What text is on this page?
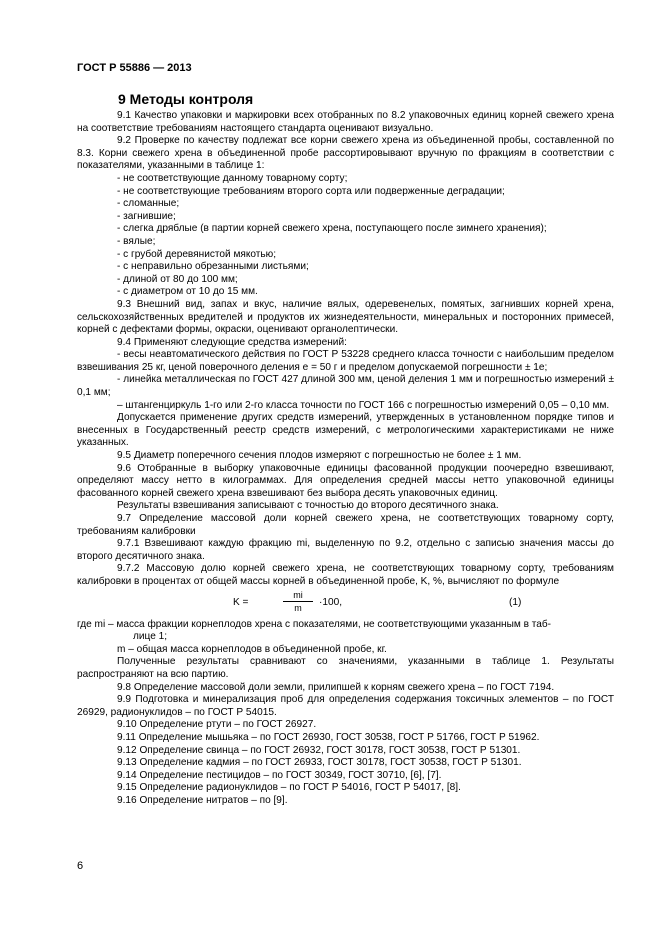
ГОСТ Р 55886 — 2013
9 Методы контроля

9.1 Качество упаковки и маркировки всех отобранных по 8.2 упаковочных единиц корней свежего хрена на соответствие требованиям настоящего стандарта оценивают визуально.

9.2 Проверке по качеству подлежат все корни свежего хрена из объединенной пробы, составленной по 8.3. Корни свежего хрена в объединенной пробе рассортировывают вручную по фракциям в соответствии с показателями, указанными в таблице 1:

- не соответствующие данному товарному сорту;

- не соответствующие требованиям второго сорта или подверженные деградации;

- сломанные;

- загнившие;

- слегка дряблые (в партии корней свежего хрена, поступающего после зимнего хранения);

- вялые;

- с грубой деревянистой мякотью;

- с неправильно обрезанными листьями;

- длиной от 80 до 100 мм;

- с диаметром от 10 до 15 мм.

9.3 Внешний вид, запах и вкус, наличие вялых, одеревенелых, помятых, загнивших корней хрена, сельскохозяйственных вредителей и продуктов их жизнедеятельности, минеральных и посторонних примесей, корней с дефектами формы, окраски, оценивают органолептически.

9.4 Применяют следующие средства измерений:

- весы неавтоматического действия по ГОСТ Р 53228 среднего класса точности с наибольшим пределом взвешивания 25 кг, ценой поверочного деления e = 50 г и пределом допускаемой погрешности ± 1e;

- линейка металлическая по ГОСТ 427 длиной 300 мм, ценой деления 1 мм и погрешностью измерений ± 0,1 мм;

– штангенциркуль 1-го или 2-го класса точности по ГОСТ 166 с погрешностью измерений 0,05 – 0,10 мм.

Допускается применение других средств измерений, утвержденных в установленном порядке типов и внесенных в Государственный реестр средств измерений, с метрологическими характеристиками не ниже указанных.

9.5 Диаметр поперечного сечения плодов измеряют с погрешностью не более ± 1 мм.

9.6 Отобранные в выборку упаковочные единицы фасованной продукции поочередно взвешивают, определяют массу нетто в килограммах. Для определения средней массы нетто упаковочной единицы фасованного корней свежего хрена взвешивают без выбора десять упаковочных единиц.

Результаты взвешивания записывают с точностью до второго десятичного знака.

9.7 Определение массовой доли корней свежего хрена, не соответствующих товарному сорту, требованиям калибровки

9.7.1 Взвешивают каждую фракцию mi, выделенную по 9.2, отдельно с записью значения массы до второго десятичного знака.

9.7.2 Массовую долю корней свежего хрена, не соответствующих товарному сорту, требованиям калибровки в процентах от общей массы корней в объединенной пробе, K, %, вычисляют по формуле

K =	$\frac{mi}{m} \cdot 100$,	(1)

где mi – масса фракции корнеплодов хрена с показателями, не соответствующими указанным в таб-

лице 1;

m – общая масса корнеплодов в объединенной пробе, кг.

Полученные результаты сравнивают со значениями, указанными в таблице 1. Результаты распространяют на всю партию.

9.8 Определение массовой доли земли, прилипшей к корням свежего хрена – по ГОСТ 7194.

9.9 Подготовка и минерализация проб для определения содержания токсичных элементов – по ГОСТ 26929, радионуклидов – по ГОСТ Р 54015.

9.10 Определение ртути – по ГОСТ 26927.

9.11 Определение мышьяка – по ГОСТ 26930, ГОСТ 30538, ГОСТ Р 51766, ГОСТ Р 51962.

9.12 Определение свинца – по ГОСТ 26932, ГОСТ 30178, ГОСТ 30538, ГОСТ Р 51301.

9.13 Определение кадмия – по ГОСТ 26933, ГОСТ 30178, ГОСТ 30538, ГОСТ Р 51301.

9.14 Определение пестицидов – по ГОСТ 30349, ГОСТ 30710, [6], [7].

9.15 Определение радионуклидов – по ГОСТ Р 54016, ГОСТ Р 54017, [8].

9.16 Определение нитратов – по [9].

6
